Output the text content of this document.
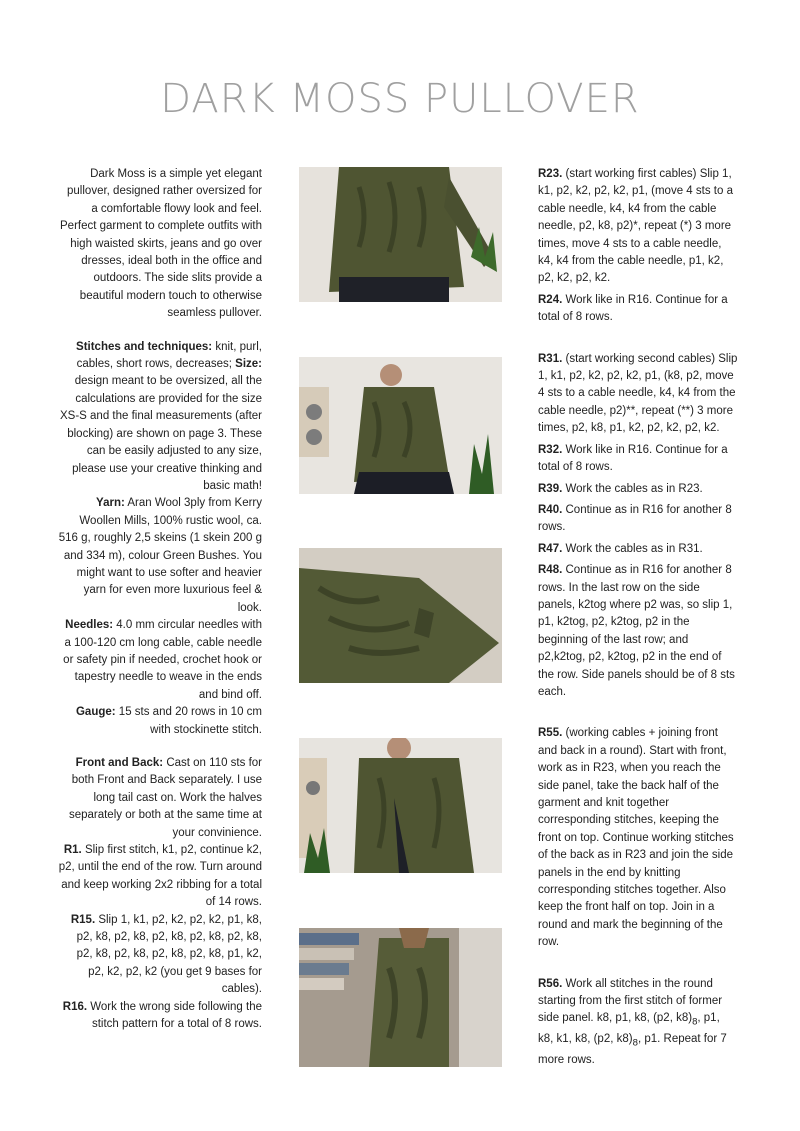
DARK MOSS PULLOVER

Dark Moss is a simple yet elegant pullover, designed rather oversized for a comfortable flowy look and feel. Perfect garment to complete outfits with high waisted skirts, jeans and go over dresses, ideal both in the office and outdoors. The side slits provide a beautiful modern touch to otherwise seamless pullover.

Stitches and techniques: knit, purl, cables, short rows, decreases; Size: design meant to be oversized, all the calculations are provided for the size XS-S and the final measurements (after blocking) are shown on page 3. These can be easily adjusted to any size, please use your creative thinking and basic math!

Yarn: Aran Wool 3ply from Kerry Woollen Mills, 100% rustic wool, ca. 516 g, roughly 2,5 skeins (1 skein 200 g and 334 m), colour Green Bushes. You might want to use softer and heavier yarn for even more luxurious feel & look.

Needles: 4.0 mm circular needles with a 100-120 cm long cable, cable needle or safety pin if needed, crochet hook or tapestry needle to weave in the ends and bind off.

Gauge: 15 sts and 20 rows in 10 cm with stockinette stitch.

Front and Back: Cast on 110 sts for both Front and Back separately. I use long tail cast on. Work the halves separately or both at the same time at your convinience.

R1. Slip first stitch, k1, p2, continue k2, p2, until the end of the row. Turn around and keep working 2x2 ribbing for a total of 14 rows.

R15. Slip 1, k1, p2, k2, p2, k2, p1, k8, p2, k8, p2, k8, p2, k8, p2, k8, p2, k8, p2, k8, p2, k8, p2, k8, p2, k8, p1, k2, p2, k2, p2, k2 (you get 9 bases for cables).

R16. Work the wrong side following the stitch pattern for a total of 8 rows.

R23. (start working first cables) Slip 1, k1, p2, k2, p2, k2, p1, (move 4 sts to a cable needle, k4, k4 from the cable needle, p2, k8, p2)*, repeat (*) 3 more times, move 4 sts to a cable needle, k4, k4 from the cable needle, p1, k2, p2, k2, p2, k2.

R24. Work like in R16. Continue for a total of 8 rows.

R31. (start working second cables) Slip 1, k1, p2, k2, p2, k2, p1, (k8, p2, move 4 sts to a cable needle, k4, k4 from the cable needle, p2)**, repeat (**) 3 more times, p2, k8, p1, k2, p2, k2, p2, k2.

R32. Work like in R16. Continue for a total of 8 rows.

R39. Work the cables as in R23.

R40. Continue as in R16 for another 8 rows.

R47. Work the cables as in R31.

R48. Continue as in R16 for another 8 rows. In the last row on the side panels, k2tog where p2 was, so slip 1, p1, k2tog, p2, k2tog, p2 in the beginning of the last row; and p2,k2tog, p2, k2tog, p2 in the end of the row. Side panels should be of 8 sts each.

R55. (working cables + joining front and back in a round). Start with front, work as in R23, when you reach the side panel, take the back half of the garment and knit together corresponding stitches, keeping the front on top. Continue working stitches of the back as in R23 and join the side panels in the end by knitting corresponding stitches together. Also keep the front half on top. Join in a round and mark the beginning of the row.

R56. Work all stitches in the round starting from the first stitch of former side panel. k8, p1, k8, (p2, $k8)_8$, p1, k8, k1, k8, (p2, $k8)_8$, p1. Repeat for 7 more rows.
